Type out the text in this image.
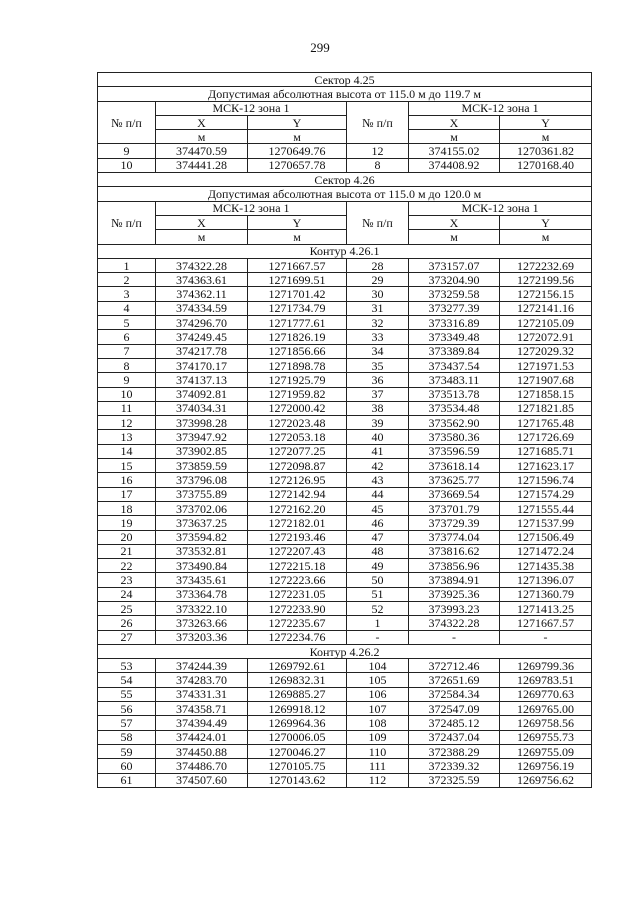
299
Сектор 4.25					
Допустимая абсолютная высота от 115.0 м до 119.7 м					
№ п/п	МСК-12 зона 1		№ п/п	МСК-12 зона 1	
	X	Y		X	Y
	м	м		м	м
9	374470.59	1270649.76	12	374155.02	1270361.82
10	374441.28	1270657.78	8	374408.92	1270168.40
Сектор 4.26					
Допустимая абсолютная высота от 115.0 м до 120.0 м					
№ п/п	МСК-12 зона 1		№ п/п	МСК-12 зона 1	
	X	Y		X	Y
	м	м		м	м
Контур 4.26.1					
1	374322.28	1271667.57	28	373157.07	1272232.69
2	374363.61	1271699.51	29	373204.90	1272199.56
3	374362.11	1271701.42	30	373259.58	1272156.15
4	374334.59	1271734.79	31	373277.39	1272141.16
5	374296.70	1271777.61	32	373316.89	1272105.09
6	374249.45	1271826.19	33	373349.48	1272072.91
7	374217.78	1271856.66	34	373389.84	1272029.32
8	374170.17	1271898.78	35	373437.54	1271971.53
9	374137.13	1271925.79	36	373483.11	1271907.68
10	374092.81	1271959.82	37	373513.78	1271858.15
11	374034.31	1272000.42	38	373534.48	1271821.85
12	373998.28	1272023.48	39	373562.90	1271765.48
13	373947.92	1272053.18	40	373580.36	1271726.69
14	373902.85	1272077.25	41	373596.59	1271685.71
15	373859.59	1272098.87	42	373618.14	1271623.17
16	373796.08	1272126.95	43	373625.77	1271596.74
17	373755.89	1272142.94	44	373669.54	1271574.29
18	373702.06	1272162.20	45	373701.79	1271555.44
19	373637.25	1272182.01	46	373729.39	1271537.99
20	373594.82	1272193.46	47	373774.04	1271506.49
21	373532.81	1272207.43	48	373816.62	1271472.24
22	373490.84	1272215.18	49	373856.96	1271435.38
23	373435.61	1272223.66	50	373894.91	1271396.07
24	373364.78	1272231.05	51	373925.36	1271360.79
25	373322.10	1272233.90	52	373993.23	1271413.25
26	373263.66	1272235.67	1	374322.28	1271667.57
27	373203.36	1272234.76	-	-	-
Контур 4.26.2					
53	374244.39	1269792.61	104	372712.46	1269799.36
54	374283.70	1269832.31	105	372651.69	1269783.51
55	374331.31	1269885.27	106	372584.34	1269770.63
56	374358.71	1269918.12	107	372547.09	1269765.00
57	374394.49	1269964.36	108	372485.12	1269758.56
58	374424.01	1270006.05	109	372437.04	1269755.73
59	374450.88	1270046.27	110	372388.29	1269755.09
60	374486.70	1270105.75	111	372339.32	1269756.19
61	374507.60	1270143.62	112	372325.59	1269756.62
